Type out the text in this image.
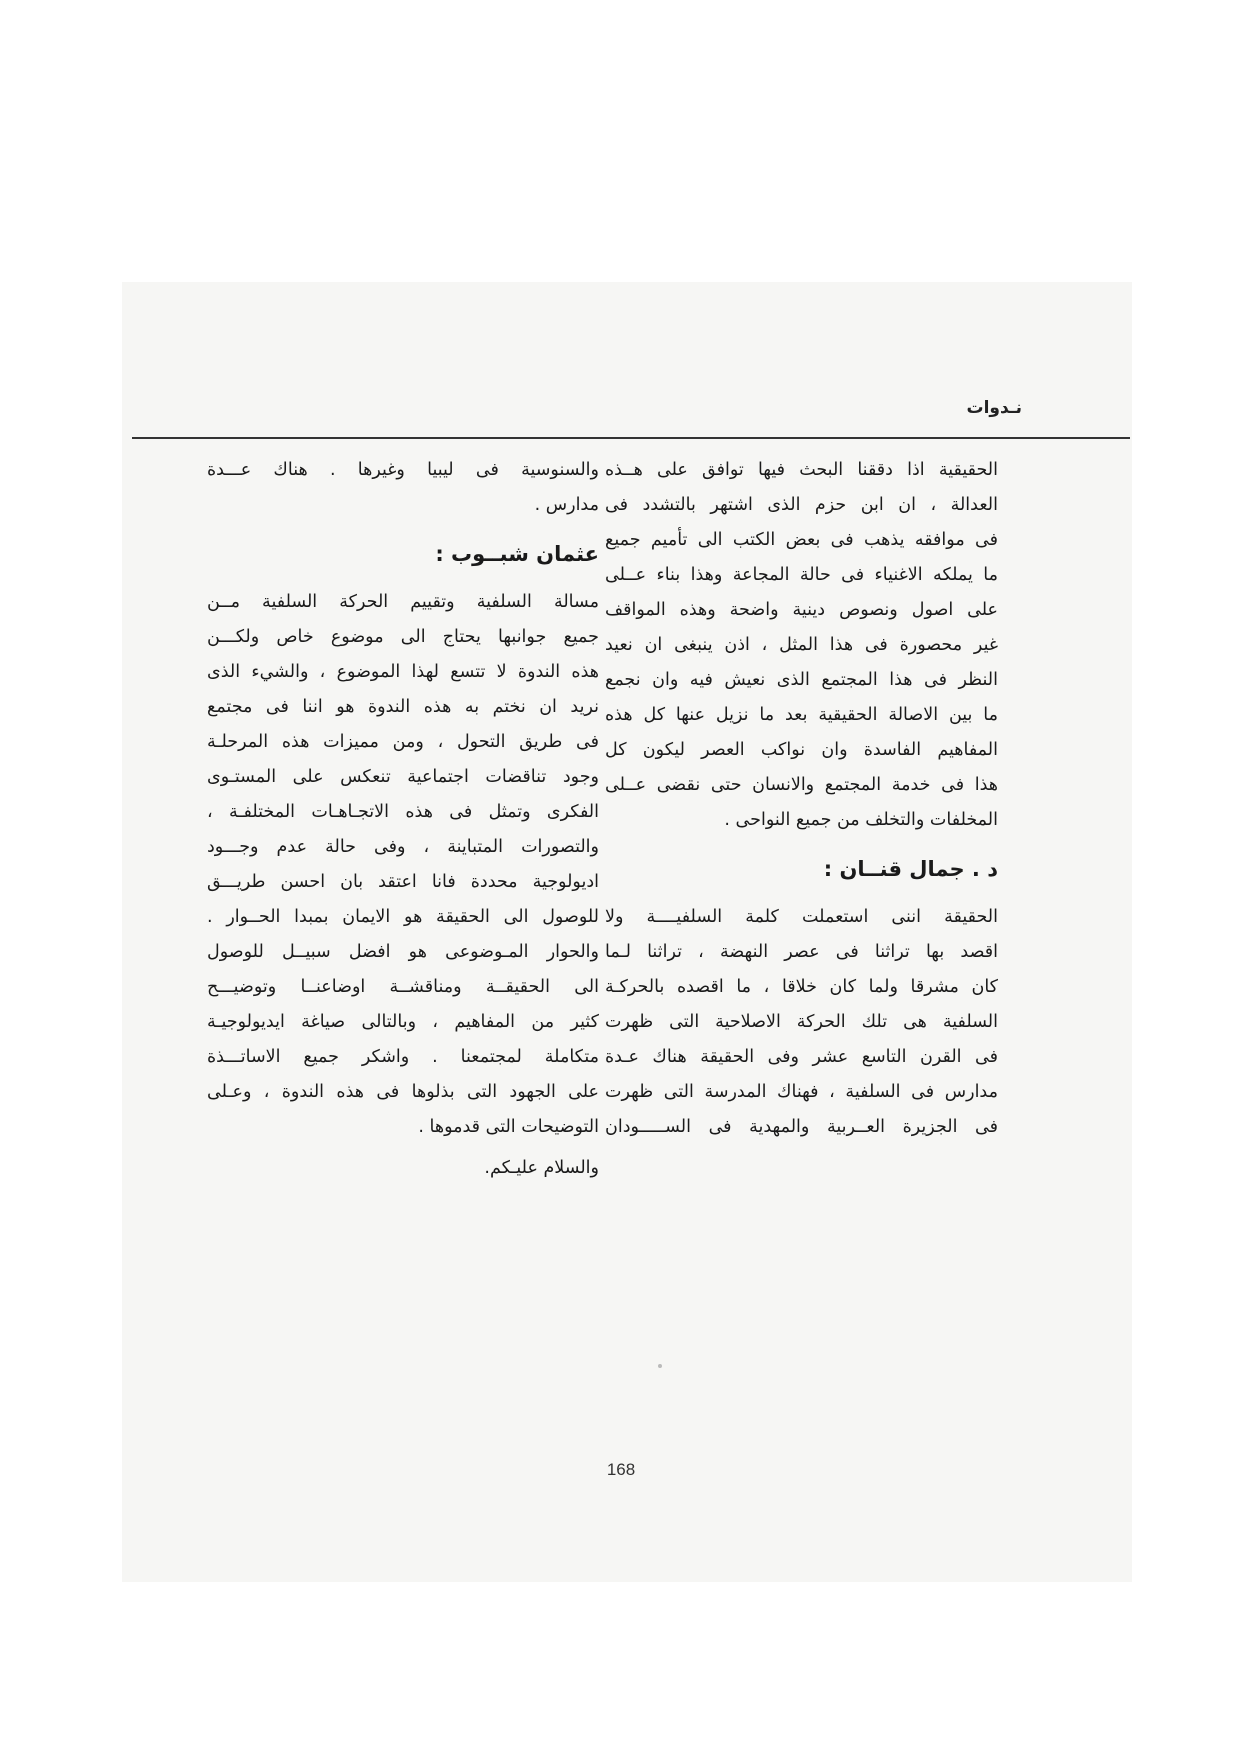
نـدوات
الحقيقية اذا دققنا البحث فيها توافق على هــذه
العدالة ، ان ابن حزم الذى اشتهر بالتشدد فى
فى موافقه يذهب فى بعض الكتب الى تأميم جميع
ما يملكه الاغنياء فى حالة المجاعة وهذا بناء عــلى
على اصول ونصوص دينية واضحة وهذه المواقف
غير محصورة فى هذا المثل ، اذن ينبغى ان نعيد
النظر فى هذا المجتمع الذى نعيش فيه وان نجمع
ما بين الاصالة الحقيقية بعد ما نزيل عنها كل هذه
المفاهيم الفاسدة وان نواكب العصر ليكون كل
هذا فى خدمة المجتمع والانسان حتى نقضى عــلى
المخلفات والتخلف من جميع النواحى .
د . جمال قنــان :
الحقيقة اننى استعملت كلمة السلفيــــة ولا
اقصد بها تراثنا فى عصر النهضة ، تراثنا لـما
كان مشرقا ولما كان خلاقا ، ما اقصده بالحركـة
السلفية هى تلك الحركة الاصلاحية التى ظهرت
فى القرن التاسع عشر وفى الحقيقة هناك عـدة
مدارس فى السلفية ، فهناك المدرسة التى ظهرت
فى الجزيرة العــربية والمهدية فى الســـــودان
والسنوسية فى ليبيا وغيرها . هناك عـــدة
مدارس .
عثمان شبــوب :
مسالة السلفية وتقييم الحركة السلفية مــن
جميع جوانبها يحتاج الى موضوع خاص ولكـــن
هذه الندوة لا تتسع لهذا الموضوع ، والشيء الذى
نريد ان نختم به هذه الندوة هو اننا فى مجتمع
فى طريق التحول ، ومن مميزات هذه المرحلـة
وجود تناقضات اجتماعية تنعكس على المستـوى
الفكرى وتمثل فى هذه الاتجـاهـات المختلفـة ،
والتصورات المتباينة ، وفى حالة عدم وجـــود
اديولوجية محددة فانا اعتقد بان احسن طريـــق
للوصول الى الحقيقة هو الايمان بمبدا الحــوار .
والحوار المـوضوعى هو افضل سبيــل للوصول
الى الحقيقــة ومناقشــة اوضاعنــا وتوضيـــح
كثير من المفاهيم ، وبالتالى صياغة ايديولوجيـة
متكاملة لمجتمعنا . واشكر جميع الاساتـــذة
على الجهود التى بذلوها فى هذه الندوة ، وعـلى
التوضيحات التى قدموها .
والسلام عليـكم.
168
